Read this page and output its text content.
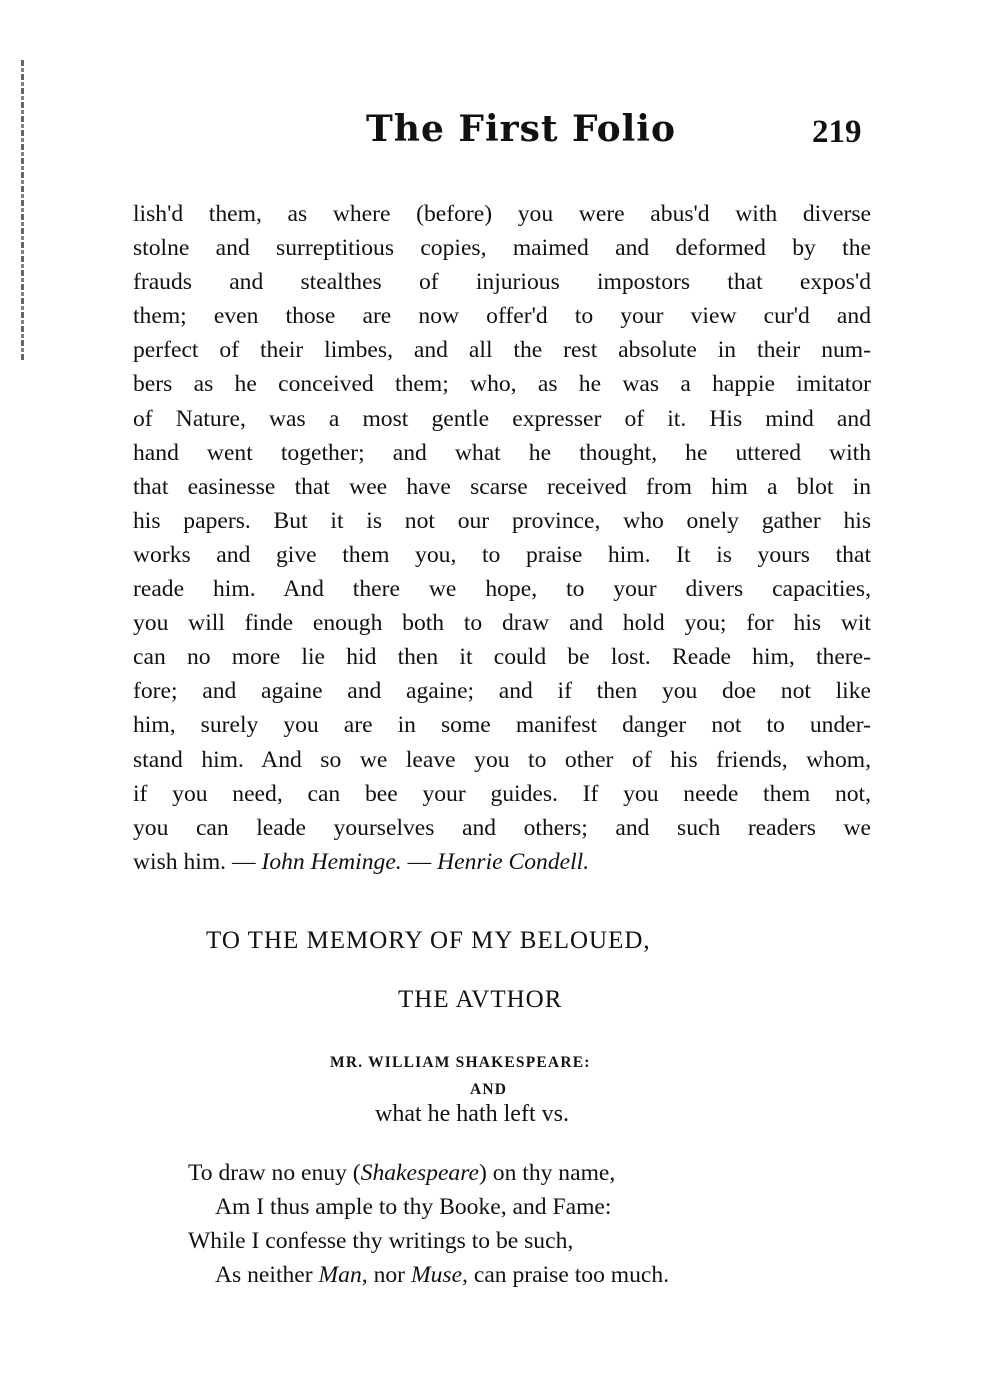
The First Folio	219
lish'd them, as where (before) you were abus'd with diverse
stolne and surreptitious copies, maimed and deformed by the
frauds and stealthes of injurious impostors that expos'd
them; even those are now offer'd to your view cur'd and
perfect of their limbes, and all the rest absolute in their num-
bers as he conceived them; who, as he was a happie imitator
of Nature, was a most gentle expresser of it. His mind and
hand went together; and what he thought, he uttered with
that easinesse that wee have scarse received from him a blot in
his papers. But it is not our province, who onely gather his
works and give them you, to praise him. It is yours that
reade him. And there we hope, to your divers capacities,
you will finde enough both to draw and hold you; for his wit
can no more lie hid then it could be lost. Reade him, there-
fore; and againe and againe; and if then you doe not like
him, surely you are in some manifest danger not to under-
stand him. And so we leave you to other of his friends, whom,
if you need, can bee your guides. If you neede them not,
you can leade yourselves and others; and such readers we
wish him. — Iohn Heminge. — Henrie Condell.
TO THE MEMORY OF MY BELOUED,
THE AVTHOR
MR. WILLIAM SHAKESPEARE:
AND
what he hath left vs.
To draw no enuy (Shakespeare) on thy name,
Am I thus ample to thy Booke, and Fame:
While I confesse thy writings to be such,
As neither Man, nor Muse, can praise too much.
